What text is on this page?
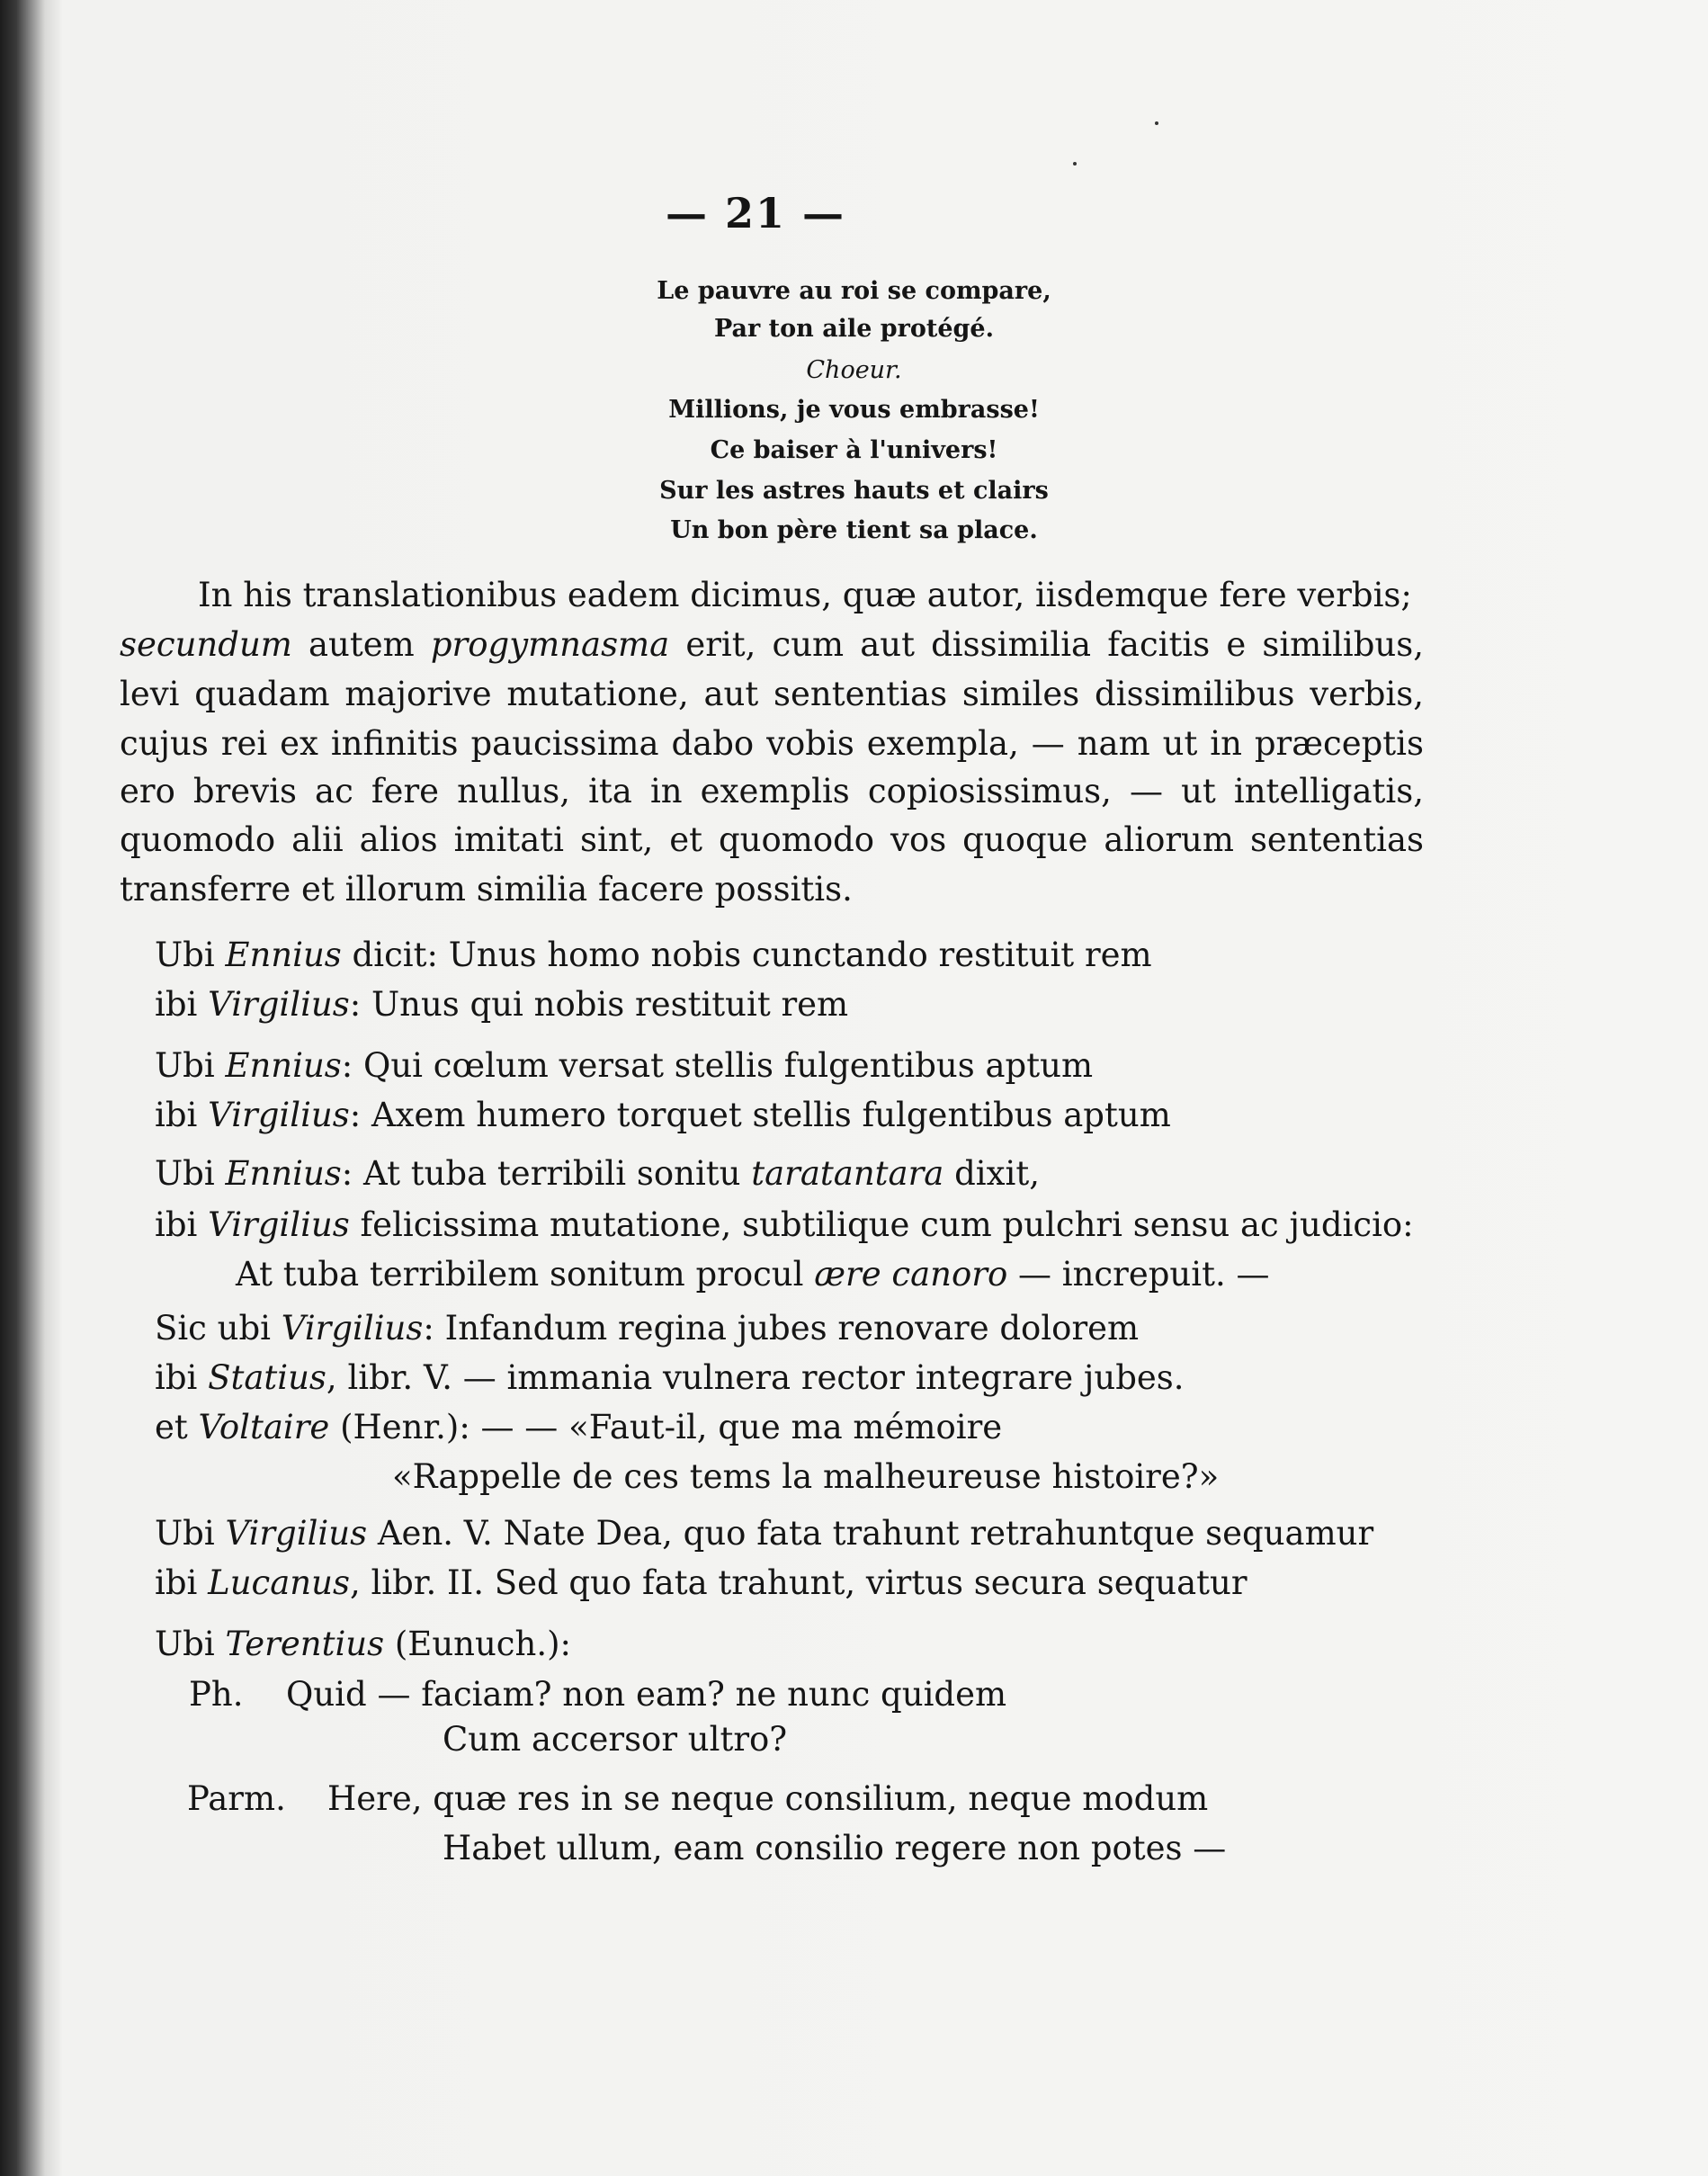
— 21 —
Le pauvre au roi se compare,
Par ton aile protégé.
Choeur.
Millions, je vous embrasse!
Ce baiser à l'univers!
Sur les astres hauts et clairs
Un bon père tient sa place.
In his translationibus eadem dicimus, quæ autor, iisdemque fere verbis;
secundum autem progymnasma erit, cum aut dissimilia facitis e similibus,
levi quadam majorive mutatione, aut sententias similes dissimilibus verbis,
cujus rei ex infinitis paucissima dabo vobis exempla, — nam ut in præceptis
ero brevis ac fere nullus, ita in exemplis copiosissimus, — ut intelligatis,
quomodo alii alios imitati sint, et quomodo vos quoque aliorum sententias
transferre et illorum similia facere possitis.
Ubi Ennius dicit: Unus homo nobis cunctando restituit rem
ibi Virgilius: Unus qui nobis restituit rem
Ubi Ennius: Qui cœlum versat stellis fulgentibus aptum
ibi Virgilius: Axem humero torquet stellis fulgentibus aptum
Ubi Ennius: At tuba terribili sonitu taratantara dixit,
ibi Virgilius felicissima mutatione, subtilique cum pulchri sensu ac judicio:
At tuba terribilem sonitum procul ære canoro — increpuit. —
Sic ubi Virgilius: Infandum regina jubes renovare dolorem
ibi Statius, libr. V. — immania vulnera rector integrare jubes.
et Voltaire (Henr.): — — «Faut-il, que ma mémoire
«Rappelle de ces tems la malheureuse histoire?»
Ubi Virgilius Aen. V. Nate Dea, quo fata trahunt retrahuntque sequamur
ibi Lucanus, libr. II. Sed quo fata trahunt, virtus secura sequatur
Ubi Terentius (Eunuch.):
Ph. Quid — faciam? non eam? ne nunc quidem
Cum accersor ultro?
Parm. Here, quæ res in se neque consilium, neque modum
Habet ullum, eam consilio regere non potes —
